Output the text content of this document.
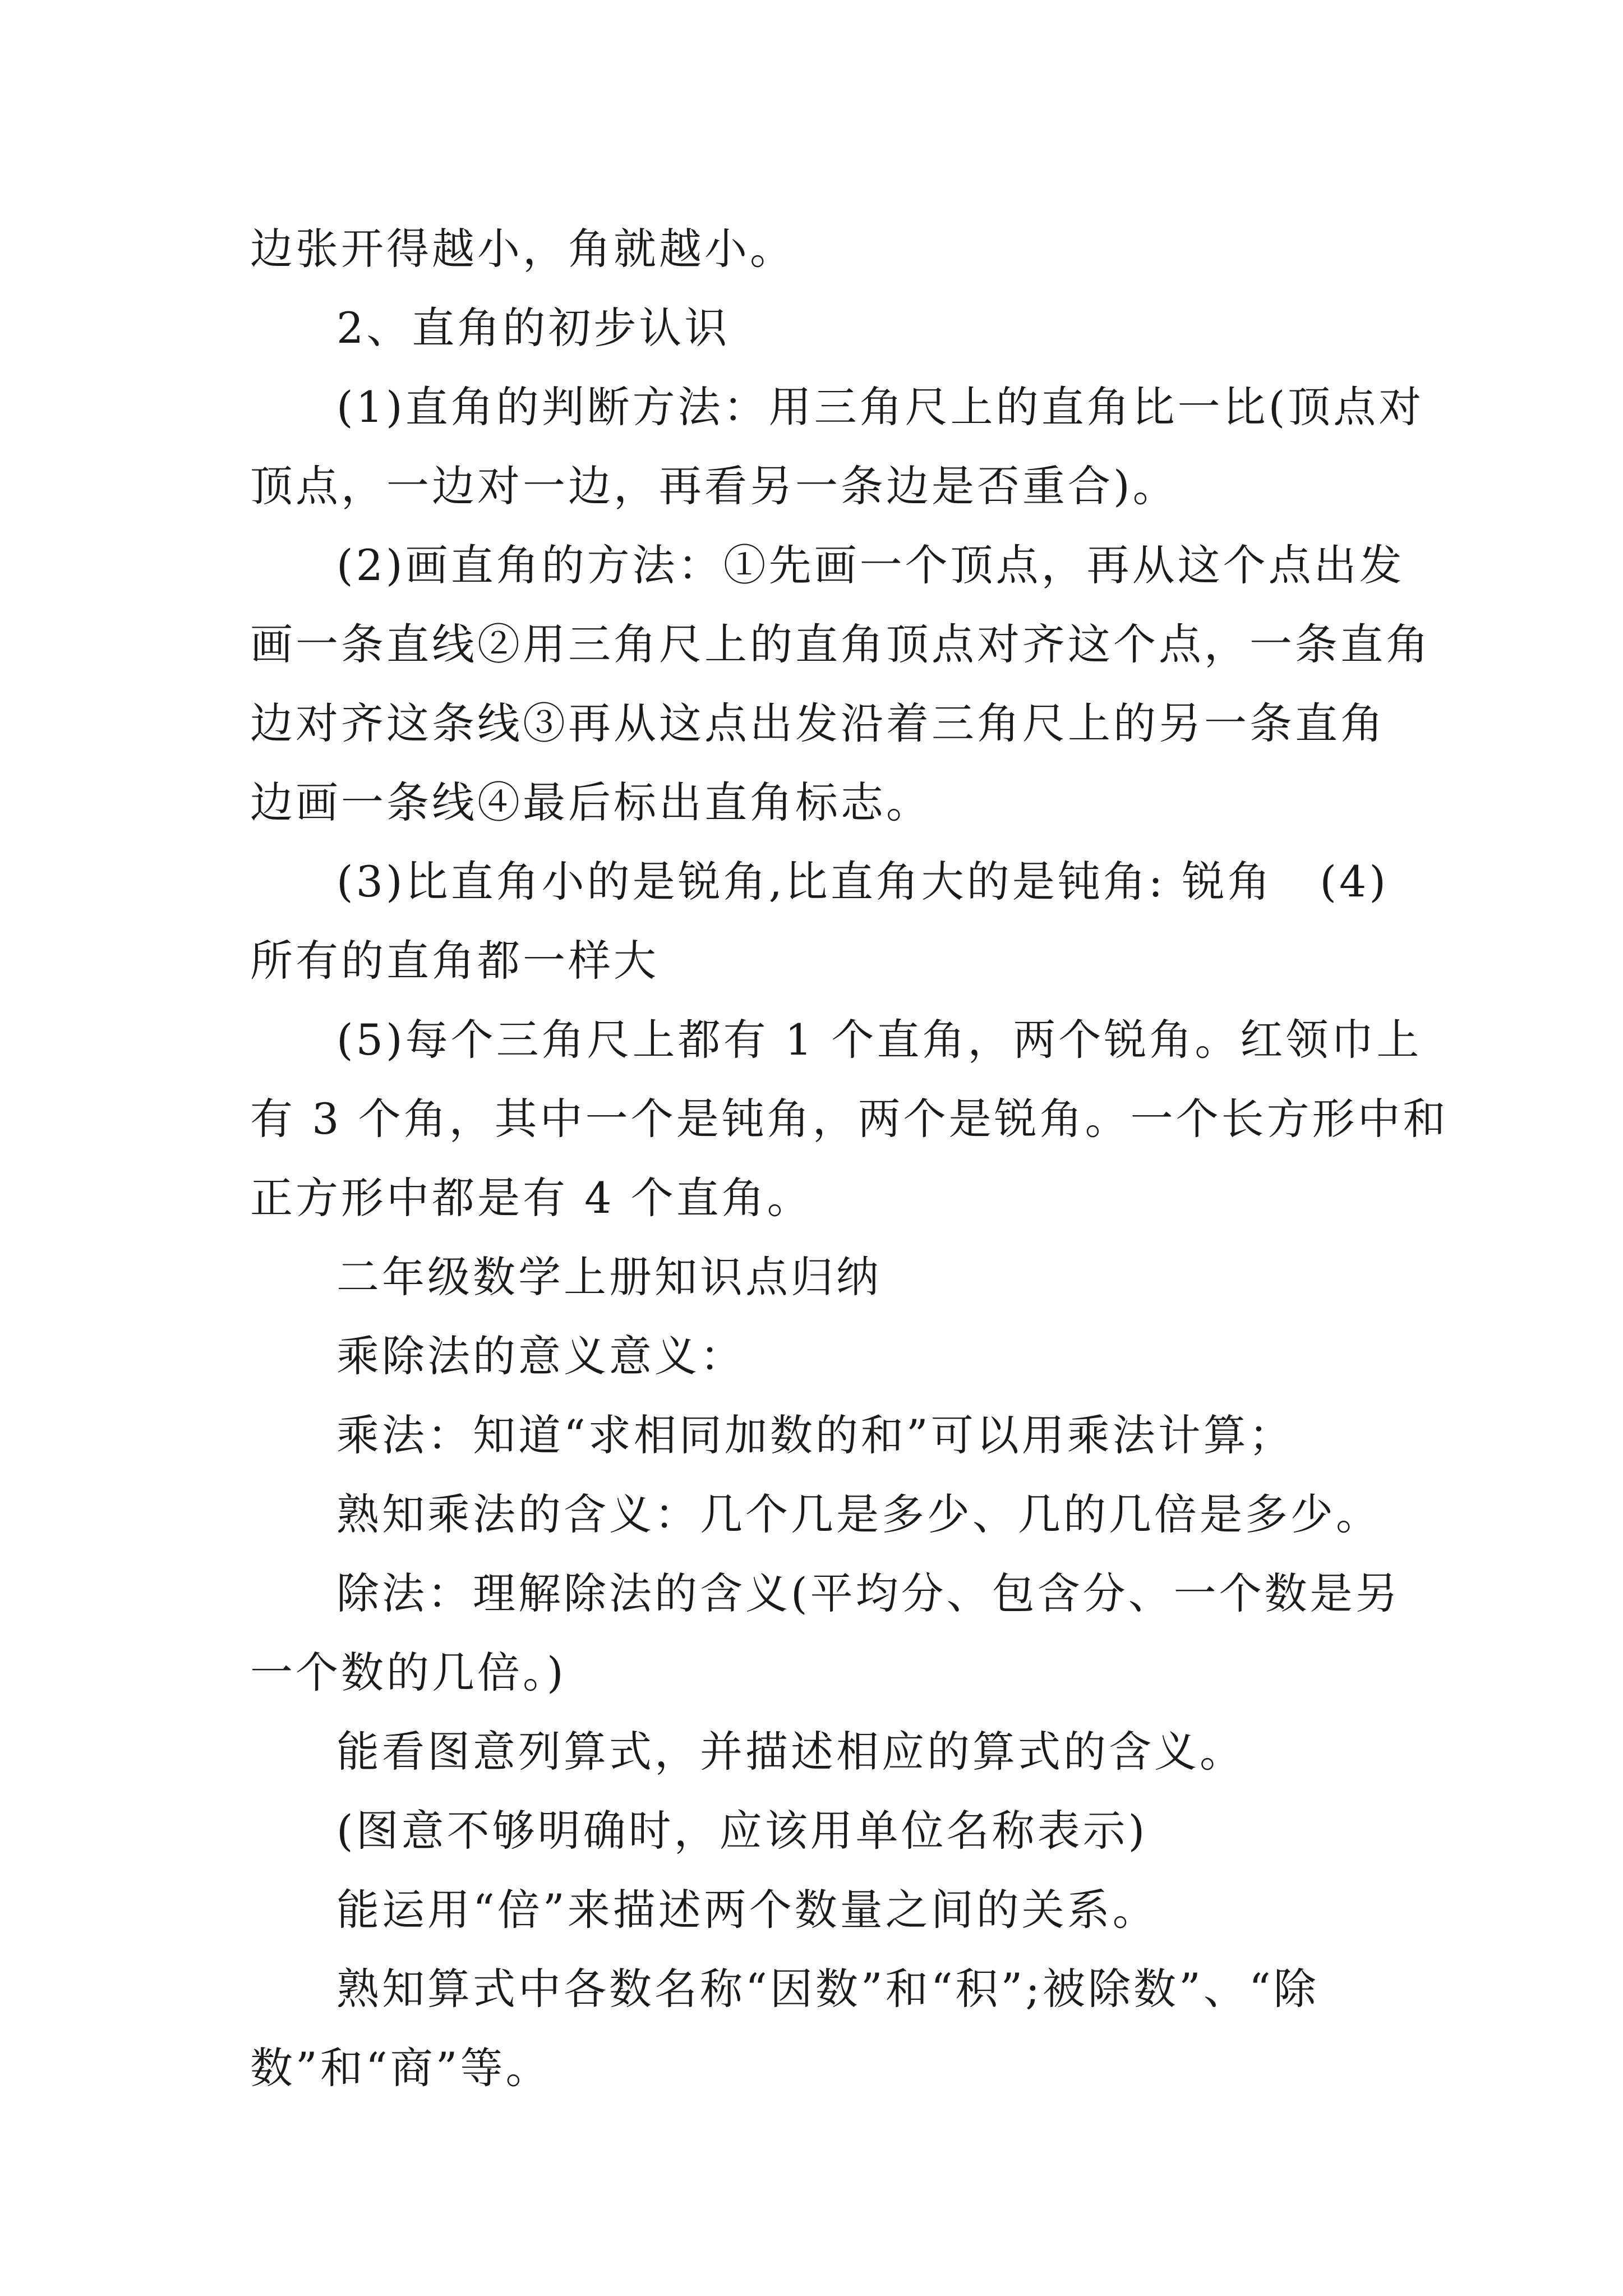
边张开得越小，角就越小。
2、直角的初步认识
(1)直角的判断方法：用三角尺上的直角比一比(顶点对
顶点，一边对一边，再看另一条边是否重合)。
(2)画直角的方法：①先画一个顶点，再从这个点出发
画一条直线②用三角尺上的直角顶点对齐这个点，一条直角
边对齐这条线③再从这点出发沿着三角尺上的另一条直角
边画一条线④最后标出直角标志。
(3)比直角小的是锐角,比直角大的是钝角: 锐角 (4)
所有的直角都一样大
(5)每个三角尺上都有 1 个直角，两个锐角。红领巾上
有 3 个角，其中一个是钝角，两个是锐角。一个长方形中和
正方形中都是有 4 个直角。
二年级数学上册知识点归纳
乘除法的意义意义：
乘法：知道“求相同加数的和”可以用乘法计算；
熟知乘法的含义：几个几是多少、几的几倍是多少。
除法：理解除法的含义(平均分、包含分、一个数是另
一个数的几倍。)
能看图意列算式，并描述相应的算式的含义。
(图意不够明确时，应该用单位名称表示)
能运用“倍”来描述两个数量之间的关系。
熟知算式中各数名称“因数”和“积”;被除数”、“除
数”和“商”等。
